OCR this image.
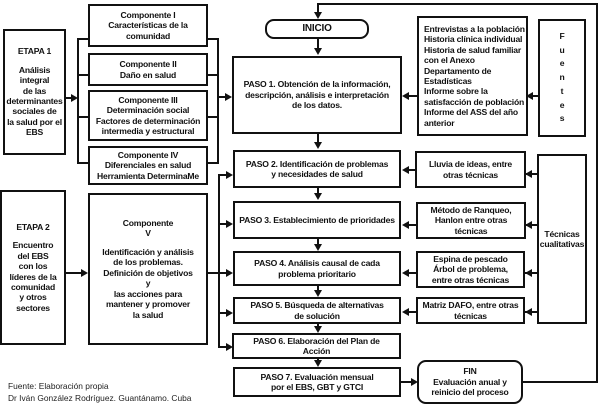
ETAPA 1
Análisis
integral
de las
determinantes
sociales de
la salud por el
EBS
Componente I
Características de la
comunidad
Componente II
Daño en salud
Componente III
Determinación social
Factores de determinación
intermedia y estructural
Componente IV
Diferenciales en salud
Herramienta DeterminaMe
ETAPA 2
Encuentro
del EBS
con los
líderes de la
comunidad
y otros
sectores
Componente
V
Identificación y análisis
de los problemas.
Definición de objetivos
y
las acciones para
mantener y promover
la salud
INICIO
PASO 1. Obtención de la información,
descripción, análisis e interpretación
de los datos.
PASO 2. Identificación de problemas
y necesidades de salud
PASO 3. Establecimiento de prioridades
PASO 4. Análisis causal de cada
problema prioritario
PASO 5. Búsqueda de alternativas
de solución
PASO 6. Elaboración del Plan de
Acción
PASO 7. Evaluación mensual
por el EBS, GBT y GTCI
Entrevistas a la población
Historia clínica individual
Historia de salud familiar
con el Anexo
Departamento de
Estadísticas
Informe sobre la
satisfacción de población
Informe del ASS del año
anterior
F
u
e
n
t
e
s
Lluvia de ideas, entre
otras técnicas
Método de Ranqueo,
Hanlon entre otras
técnicas
Espina de pescado
Árbol de problema,
entre otras técnicas
Matriz DAFO, entre otras
técnicas
Técnicas
cualitativas
FIN
Evaluación anual y
reinicio del proceso
Fuente: Elaboración propia
Dr Iván González Rodríguez. Guantánamo. Cuba
